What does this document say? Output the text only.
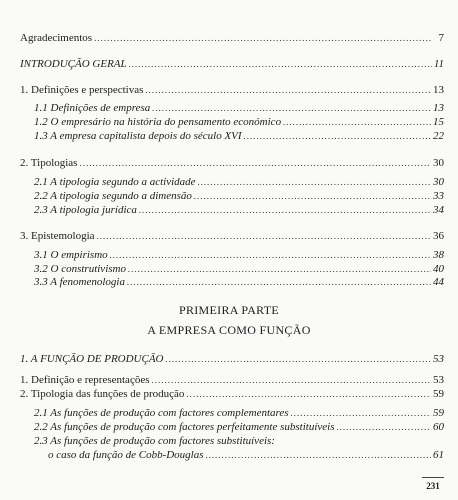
Agradecimentos .....	7
INTRODUÇÃO GERAL .....	11
1. Definições e perspectivas .....	13
1.1 Definições de empresa .....	13
1.2 O empresário na história do pensamento económico .....	15
1.3 A empresa capitalista depois do século XVI .....	22
2. Tipologias .....	30
2.1 A tipologia segundo a actividade .....	30
2.2 A tipologia segundo a dimensão .....	33
2.3 A tipologia jurídica .....	34
3. Epistemologia .....	36
3.1 O empirismo .....	38
3.2 O construtivismo .....	40
3.3 A fenomenologia .....	44
PRIMEIRA PARTE
A EMPRESA COMO FUNÇÃO
1. A FUNÇÃO DE PRODUÇÃO .....	53
1. Definição e representações .....	53
2. Tipologia das funções de produção .....	59
2.1 As funções de produção com factores complementares .....	59
2.2 As funções de produção com factores perfeitamente substituíveis .....	60
2.3 As funções de produção com factores substituíveis:
o caso da função de Cobb-Douglas .....	61
231
